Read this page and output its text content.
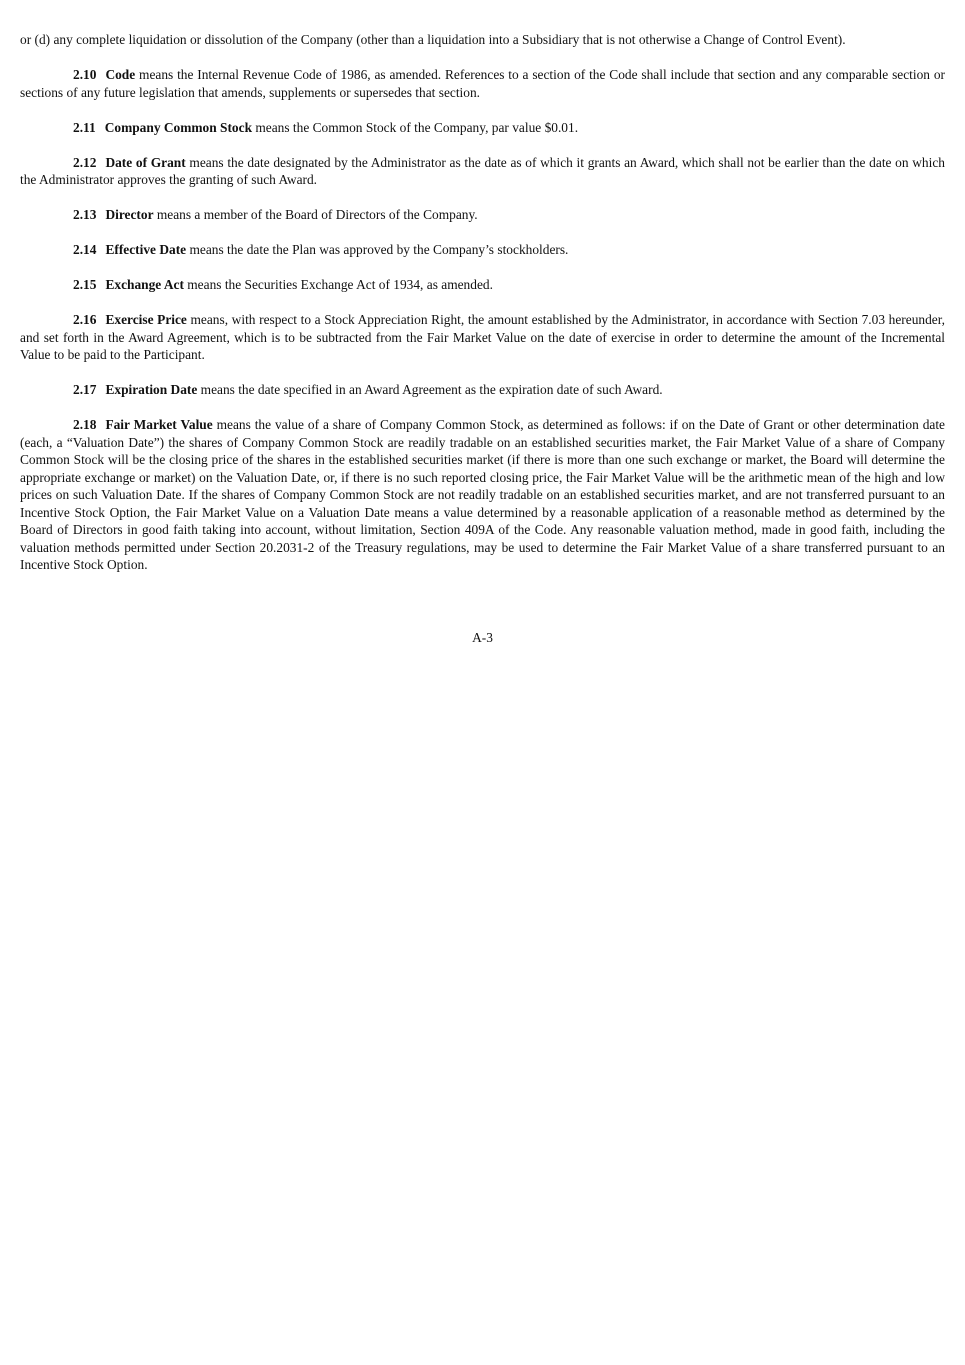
or (d) any complete liquidation or dissolution of the Company (other than a liquidation into a Subsidiary that is not otherwise a Change of Control Event).

2.10 Code means the Internal Revenue Code of 1986, as amended. References to a section of the Code shall include that section and any comparable section or sections of any future legislation that amends, supplements or supersedes that section.

2.11 Company Common Stock means the Common Stock of the Company, par value $0.01.

2.12 Date of Grant means the date designated by the Administrator as the date as of which it grants an Award, which shall not be earlier than the date on which the Administrator approves the granting of such Award.

2.13 Director means a member of the Board of Directors of the Company.

2.14 Effective Date means the date the Plan was approved by the Company’s stockholders.

2.15 Exchange Act means the Securities Exchange Act of 1934, as amended.

2.16 Exercise Price means, with respect to a Stock Appreciation Right, the amount established by the Administrator, in accordance with Section 7.03 hereunder, and set forth in the Award Agreement, which is to be subtracted from the Fair Market Value on the date of exercise in order to determine the amount of the Incremental Value to be paid to the Participant.

2.17 Expiration Date means the date specified in an Award Agreement as the expiration date of such Award.

2.18 Fair Market Value means the value of a share of Company Common Stock, as determined as follows: if on the Date of Grant or other determination date (each, a “Valuation Date”) the shares of Company Common Stock are readily tradable on an established securities market, the Fair Market Value of a share of Company Common Stock will be the closing price of the shares in the established securities market (if there is more than one such exchange or market, the Board will determine the appropriate exchange or market) on the Valuation Date, or, if there is no such reported closing price, the Fair Market Value will be the arithmetic mean of the high and low prices on such Valuation Date. If the shares of Company Common Stock are not readily tradable on an established securities market, and are not transferred pursuant to an Incentive Stock Option, the Fair Market Value on a Valuation Date means a value determined by a reasonable application of a reasonable method as determined by the Board of Directors in good faith taking into account, without limitation, Section 409A of the Code. Any reasonable valuation method, made in good faith, including the valuation methods permitted under Section 20.2031-2 of the Treasury regulations, may be used to determine the Fair Market Value of a share transferred pursuant to an Incentive Stock Option.

A-3
